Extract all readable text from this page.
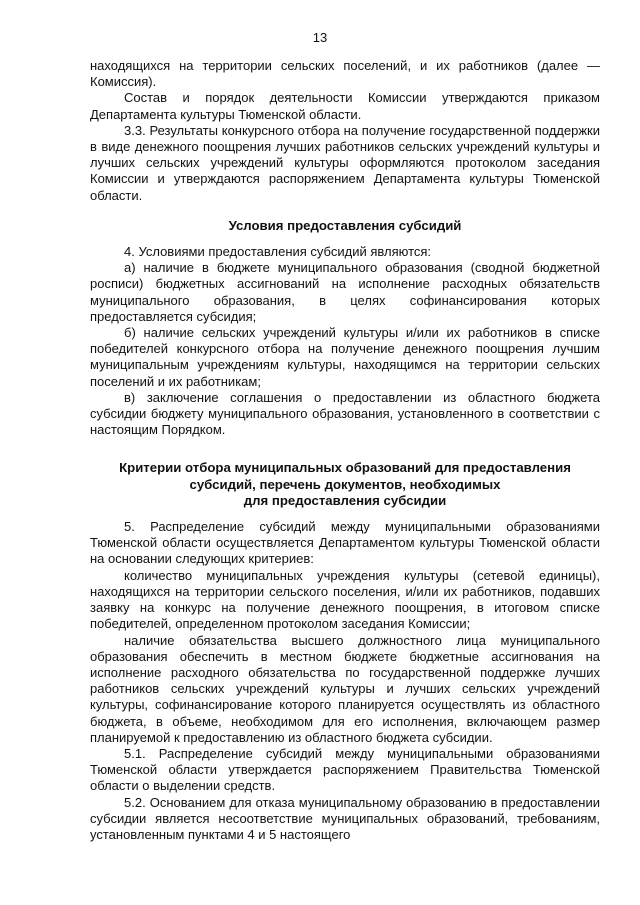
13

находящихся на территории сельских поселений, и их работников (далее — Комиссия).

Состав и порядок деятельности Комиссии утверждаются приказом Департамента культуры Тюменской области.

3.3. Результаты конкурсного отбора на получение государственной поддержки в виде денежного поощрения лучших работников сельских учреждений культуры и лучших сельских учреждений культуры оформляются протоколом заседания Комиссии и утверждаются распоряжением Департамента культуры Тюменской области.

Условия предоставления субсидий

4. Условиями предоставления субсидий являются:

а) наличие в бюджете муниципального образования (сводной бюджетной росписи) бюджетных ассигнований на исполнение расходных обязательств муниципального образования, в целях софинансирования которых предоставляется субсидия;

б) наличие сельских учреждений культуры и/или их работников в списке победителей конкурсного отбора на получение денежного поощрения лучшим муниципальным учреждениям культуры, находящимся на территории сельских поселений и их работникам;

в) заключение соглашения о предоставлении из областного бюджета субсидии бюджету муниципального образования, установленного в соответствии с настоящим Порядком.

Критерии отбора муниципальных образований для предоставления

субсидий, перечень документов, необходимых

для предоставления субсидии

5. Распределение субсидий между муниципальными образованиями Тюменской области осуществляется Департаментом культуры Тюменской области на основании следующих критериев:

количество муниципальных учреждения культуры (сетевой единицы), находящихся на территории сельского поселения, и/или их работников, подавших заявку на конкурс на получение денежного поощрения, в итоговом списке победителей, определенном протоколом заседания Комиссии;

наличие обязательства высшего должностного лица муниципального образования обеспечить в местном бюджете бюджетные ассигнования на исполнение расходного обязательства по государственной поддержке лучших работников сельских учреждений культуры и лучших сельских учреждений культуры, софинансирование которого планируется осуществлять из областного бюджета, в объеме, необходимом для его исполнения, включающем размер планируемой к предоставлению из областного бюджета субсидии.

5.1. Распределение субсидий между муниципальными образованиями Тюменской области утверждается распоряжением Правительства Тюменской области о выделении средств.

5.2. Основанием для отказа муниципальному образованию в предоставлении субсидии является несоответствие муниципальных образований, требованиям, установленным пунктами 4 и 5 настоящего
